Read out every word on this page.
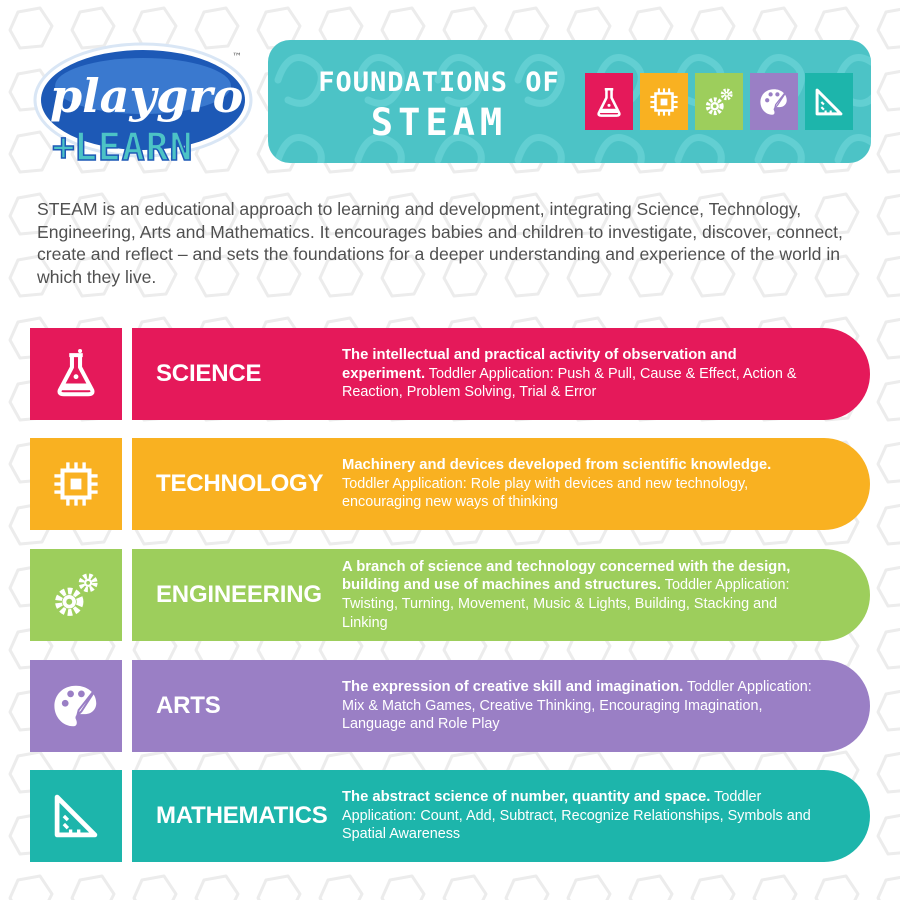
playgro
™
+
LEARN
FOUNDATIONS OF
STEAM

STEAM is an educational approach to learning and development, integrating Science, Technology, Engineering, Arts and Mathematics. It encourages babies and children to investigate, discover, connect, create and reflect – and sets the foundations for a deeper understanding and experience of the world in which they live.

SCIENCE
The intellectual and practical activity of observation and experiment. Toddler Application: Push & Pull, Cause & Effect, Action & Reaction, Problem Solving, Trial & Error
TECHNOLOGY
Machinery and devices developed from scientific knowledge. Toddler Application: Role play with devices and new technology, encouraging new ways of thinking
ENGINEERING
A branch of science and technology concerned with the design, building and use of machines and structures. Toddler Application: Twisting, Turning, Movement, Music & Lights, Building, Stacking and Linking
ARTS
The expression of creative skill and imagination. Toddler Application: Mix & Match Games, Creative Thinking, Encouraging Imagination, Language and Role Play
MATHEMATICS
The abstract science of number, quantity and space. Toddler Application: Count, Add, Subtract, Recognize Relationships, Symbols and Spatial Awareness
